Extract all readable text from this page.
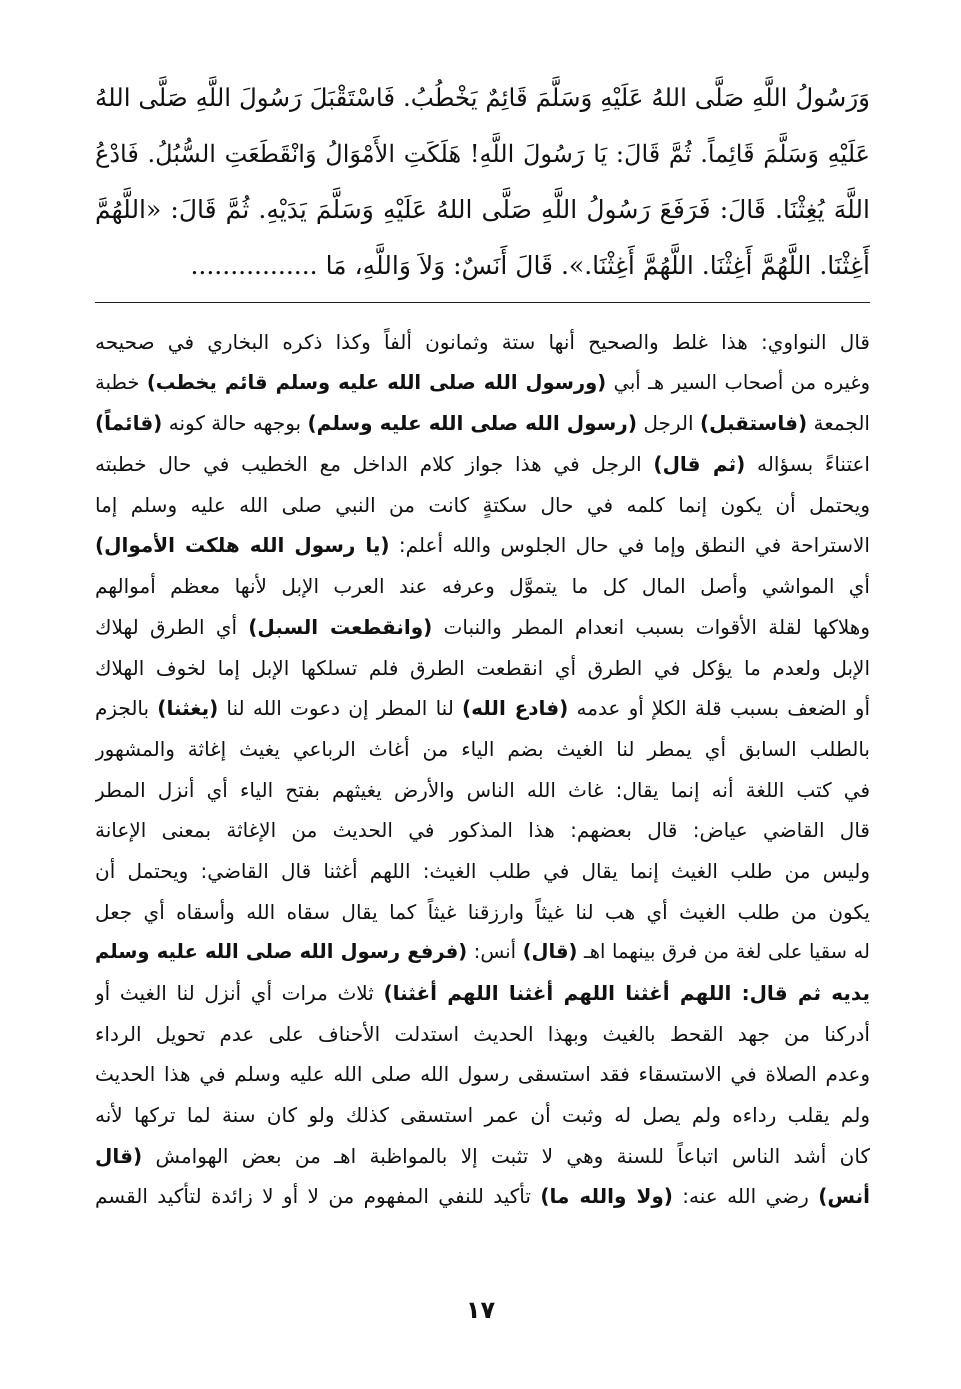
وَرَسُولُ اللَّهِ صَلَّى اللهُ عَلَيْهِ وَسَلَّمَ قَائِمٌ يَخْطُبُ. فَاسْتَقْبَلَ رَسُولَ اللَّهِ صَلَّى اللهُ
عَلَيْهِ وَسَلَّمَ قَائِماً. ثُمَّ قَالَ: يَا رَسُولَ اللَّهِ! هَلَكَتِ الأَمْوَالُ وَانْقَطَعَتِ السُّبُلُ. فَادْعُ
اللَّهَ يُغِثْنَا. قَالَ: فَرَفَعَ رَسُولُ اللَّهِ صَلَّى اللهُ عَلَيْهِ وَسَلَّمَ يَدَيْهِ. ثُمَّ قَالَ: «اللَّهُمَّ
أَغِثْنَا. اللَّهُمَّ أَغِثْنَا. اللَّهُمَّ أَغِثْنَا.». قَالَ أَنَسٌ: وَلاَ وَاللَّهِ، مَا ................
قال النواوي: هذا غلط والصحيح أنها ستة وثمانون ألفاً وكذا ذكره البخاري في صحيحه
وغيره من أصحاب السير هـ أبي (ورسول الله صلى الله عليه وسلم قائم يخطب) خطبة
الجمعة (فاستقبل) الرجل (رسول الله صلى الله عليه وسلم) بوجهه حالة كونه (قائماً)
اعتناءً بسؤاله (ثم قال) الرجل في هذا جواز كلام الداخل مع الخطيب في حال خطبته
ويحتمل أن يكون إنما كلمه في حال سكتةٍ كانت من النبي صلى الله عليه وسلم إما
الاستراحة في النطق وإما في حال الجلوس والله أعلم: (يا رسول الله هلكت الأموال)
أي المواشي وأصل المال كل ما يتموَّل وعرفه عند العرب الإبل لأنها معظم أموالهم
وهلاكها لقلة الأقوات بسبب انعدام المطر والنبات (وانقطعت السبل) أي الطرق لهلاك
الإبل ولعدم ما يؤكل في الطرق أي انقطعت الطرق فلم تسلكها الإبل إما لخوف الهلاك
أو الضعف بسبب قلة الكلإ أو عدمه (فادع الله) لنا المطر إن دعوت الله لنا (يغثنا) بالجزم
بالطلب السابق أي يمطر لنا الغيث بضم الياء من أغاث الرباعي يغيث إغاثة والمشهور
في كتب اللغة أنه إنما يقال: غاث الله الناس والأرض يغيثهم بفتح الياء أي أنزل المطر
قال القاضي عياض: قال بعضهم: هذا المذكور في الحديث من الإغاثة بمعنى الإعانة
وليس من طلب الغيث إنما يقال في طلب الغيث: اللهم أغثنا قال القاضي: ويحتمل أن
يكون من طلب الغيث أي هب لنا غيثاً وارزقنا غيثاً كما يقال سقاه الله وأسقاه أي جعل
له سقيا على لغة من فرق بينهما اهـ (قال) أنس: (فرفع رسول الله صلى الله عليه وسلم
يديه ثم قال: اللهم أغثنا اللهم أغثنا اللهم أغثنا) ثلاث مرات أي أنزل لنا الغيث أو
أدركنا من جهد القحط بالغيث وبهذا الحديث استدلت الأحناف على عدم تحويل الرداء
وعدم الصلاة في الاستسقاء فقد استسقى رسول الله صلى الله عليه وسلم في هذا الحديث
ولم يقلب رداءه ولم يصل له وثبت أن عمر استسقى كذلك ولو كان سنة لما تركها لأنه
كان أشد الناس اتباعاً للسنة وهي لا تثبت إلا بالمواظبة اهـ من بعض الهوامش (قال
أنس) رضي الله عنه: (ولا والله ما) تأكيد للنفي المفهوم من لا أو لا زائدة لتأكيد القسم
١٧
